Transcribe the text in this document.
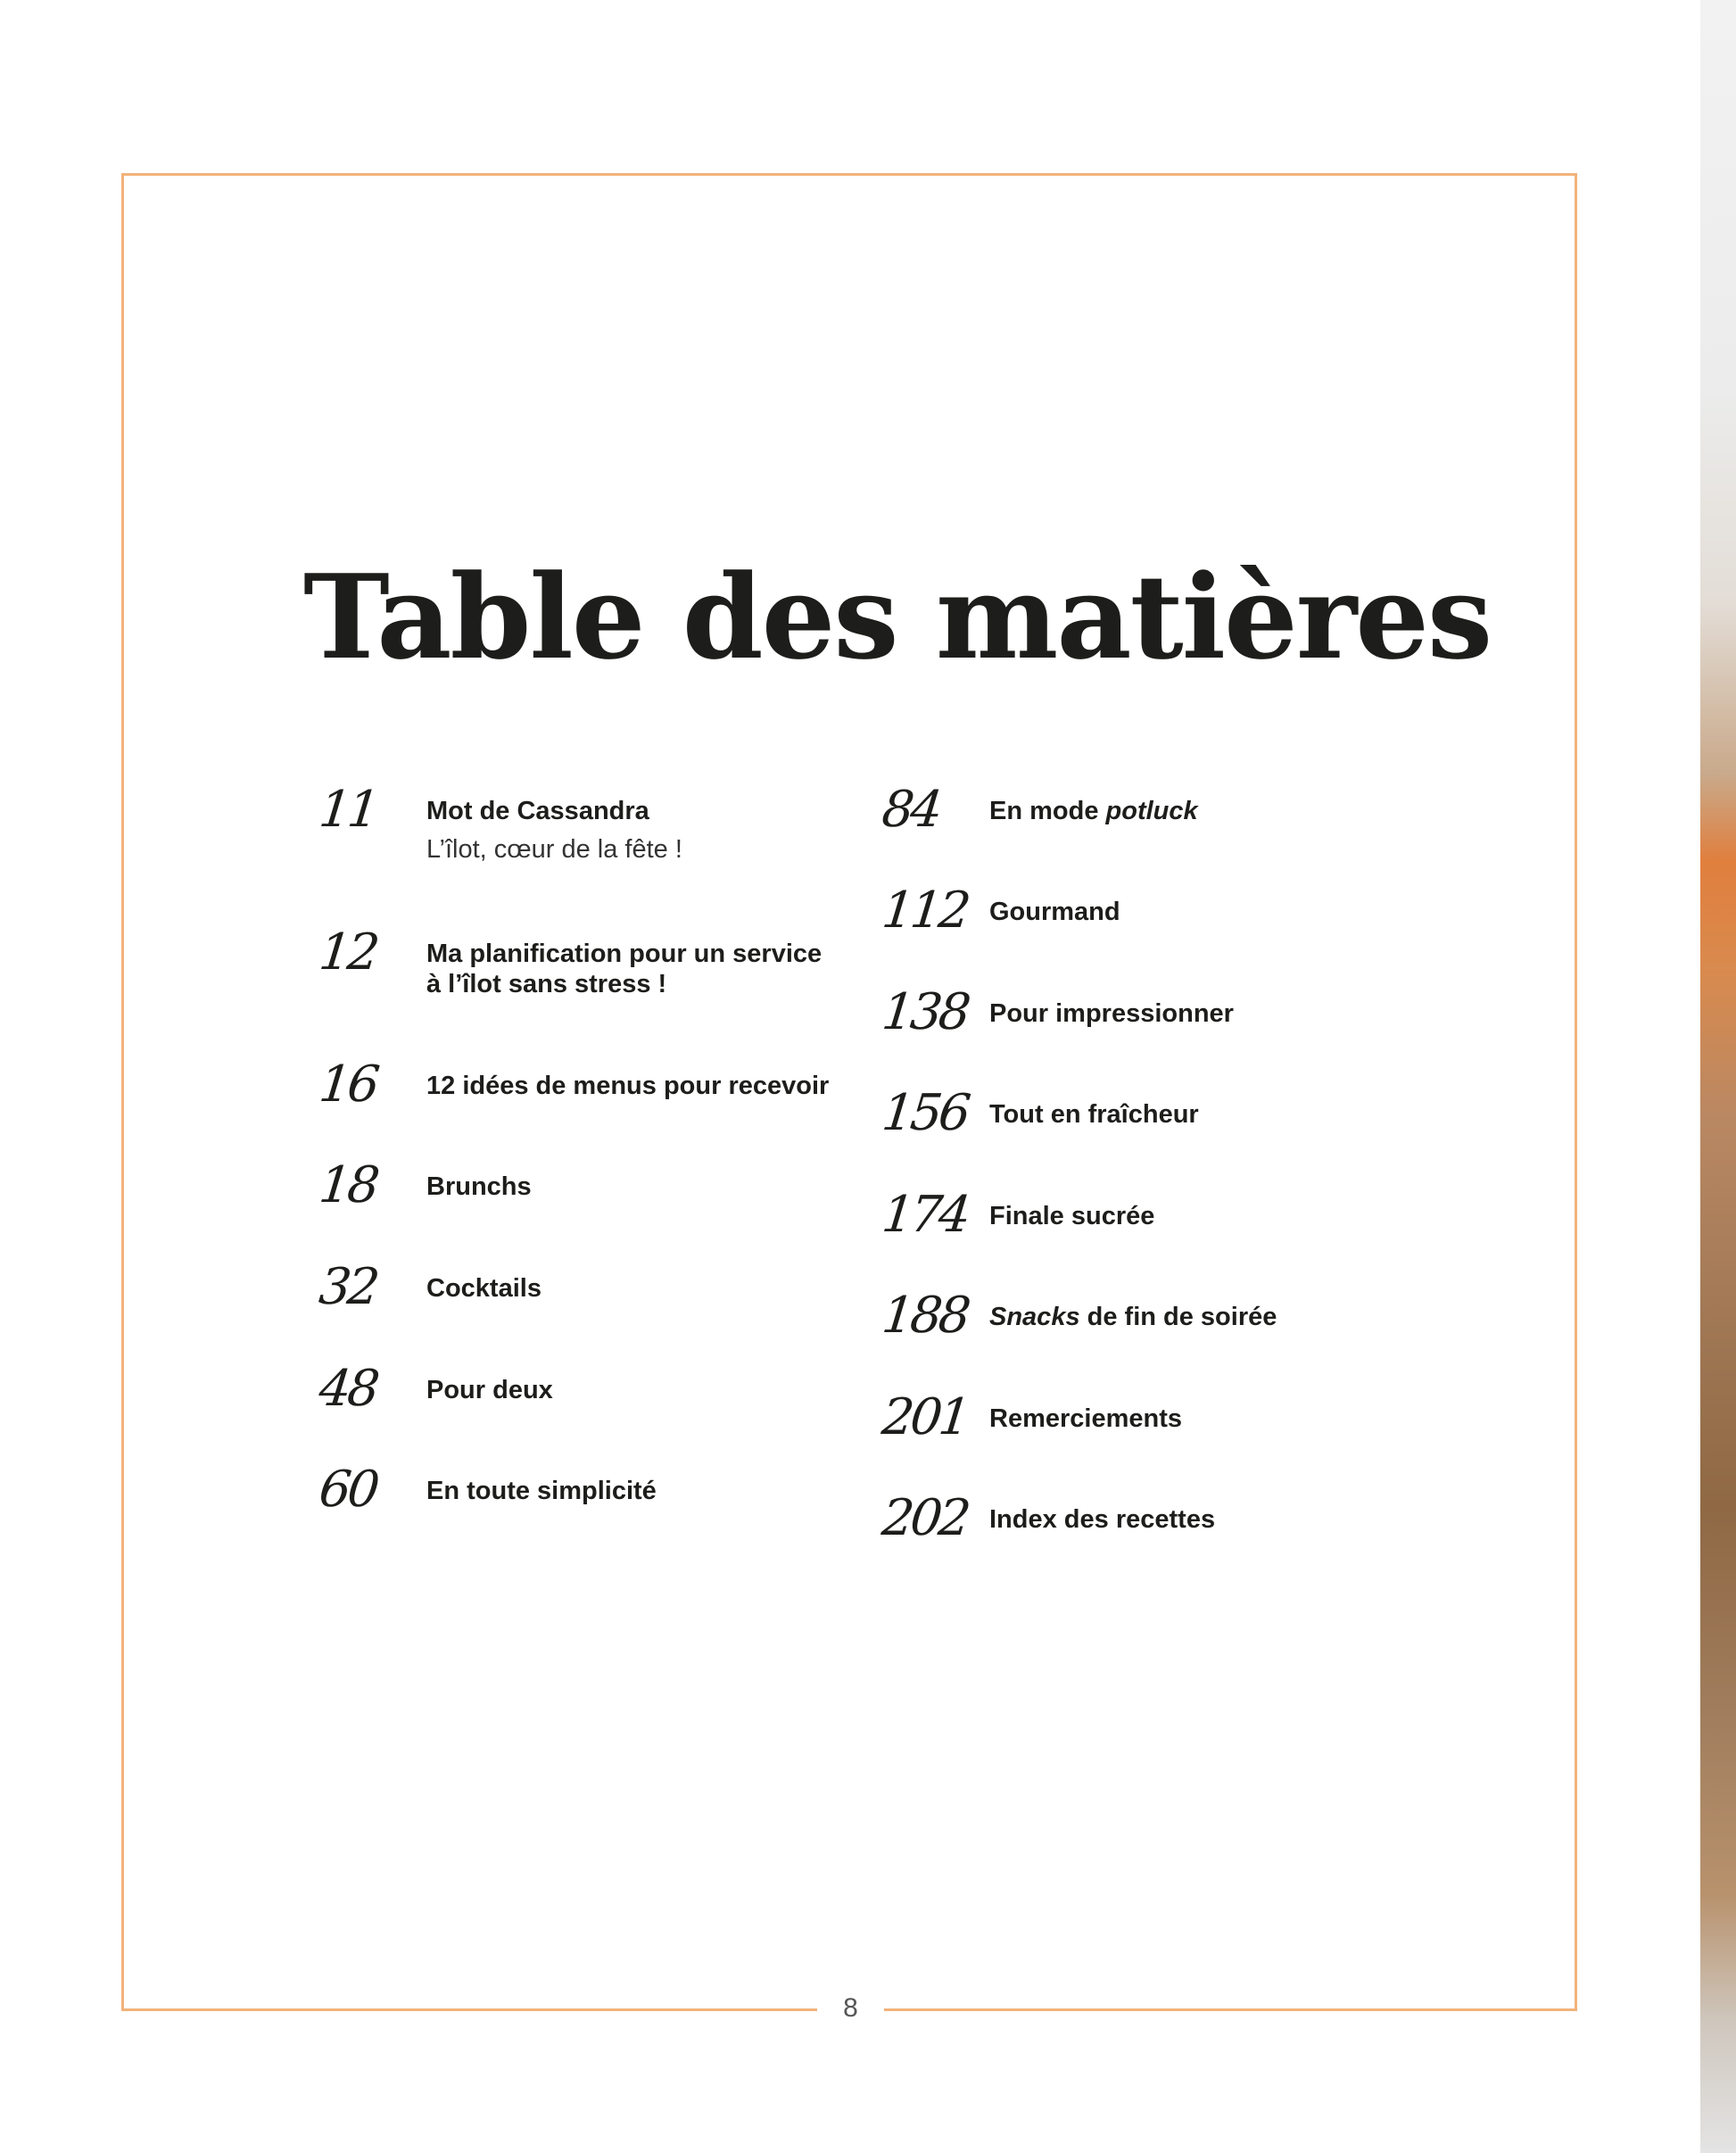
8
Table des matières
11 Mot de Cassandra
L’îlot, cœur de la fête !
12 Ma planification pour un service
à l’îlot sans stress !
16 12 idées de menus pour recevoir
18 Brunchs
32 Cocktails
48 Pour deux
60 En toute simplicité
84 En mode potluck
112 Gourmand
138 Pour impressionner
156 Tout en fraîcheur
174 Finale sucrée
188 Snacks de fin de soirée
201 Remerciements
202 Index des recettes
